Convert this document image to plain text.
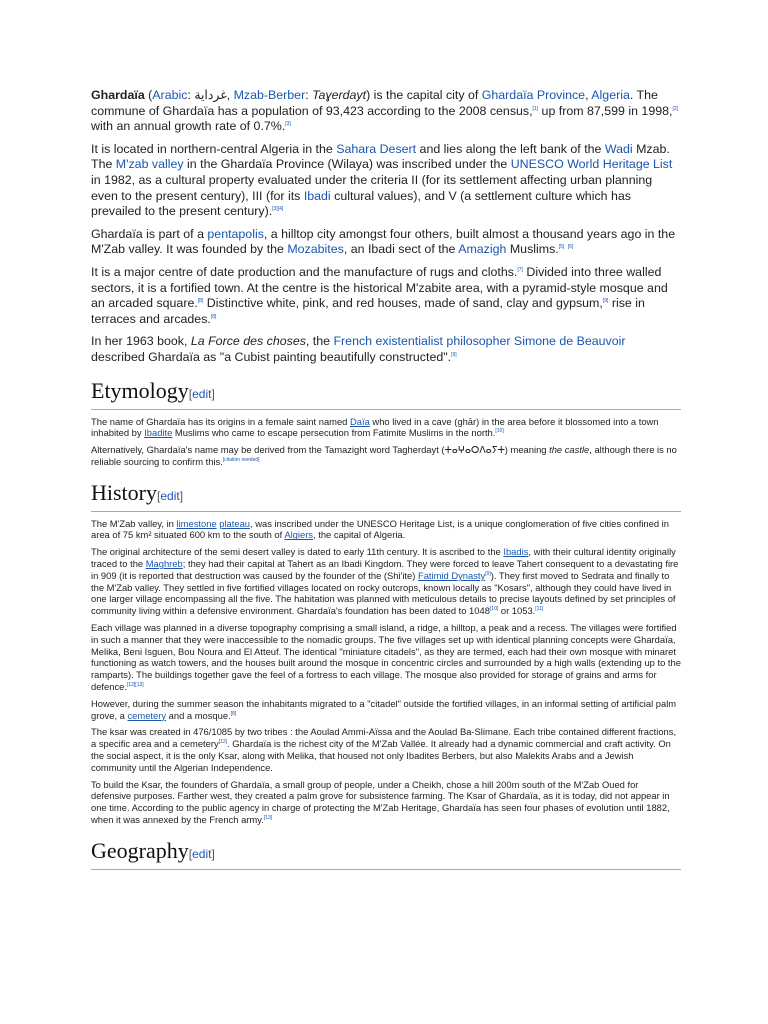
Ghardaïa (Arabic: غرداية, Mzab-Berber: Taɣerdayt) is the capital city of Ghardaïa Province, Algeria. The commune of Ghardaïa has a population of 93,423 according to the 2008 census,[1] up from 87,599 in 1998,[2] with an annual growth rate of 0.7%.[3]

It is located in northern-central Algeria in the Sahara Desert and lies along the left bank of the Wadi Mzab. The M'zab valley in the Ghardaïa Province (Wilaya) was inscribed under the UNESCO World Heritage List in 1982, as a cultural property evaluated under the criteria II (for its settlement affecting urban planning even to the present century), III (for its Ibadi cultural values), and V (a settlement culture which has prevailed to the present century).[3][4]

Ghardaïa is part of a pentapolis, a hilltop city amongst four others, built almost a thousand years ago in the M'Zab valley. It was founded by the Mozabites, an Ibadi sect of the Amazigh Muslims.[5] [6]

It is a major centre of date production and the manufacture of rugs and cloths.[7] Divided into three walled sectors, it is a fortified town. At the centre is the historical M'zabite area, with a pyramid-style mosque and an arcaded square.[8] Distinctive white, pink, and red houses, made of sand, clay and gypsum,[9] rise in terraces and arcades.[8]

In her 1963 book, La Force des choses, the French existentialist philosopher Simone de Beauvoir described Ghardaïa as "a Cubist painting beautifully constructed".[9]

Etymology[edit]

The name of Ghardaïa has its origins in a female saint named Daïa who lived in a cave (ghār) in the area before it blossomed into a town inhabited by Ibadite Muslims who came to escape persecution from Fatimite Muslims in the north.[10]

Alternatively, Ghardaïa's name may be derived from the Tamazight word Tagherdayt (ⵜⴰⵖⴰⵔⴷⴰⵢⵜ) meaning the castle, although there is no reliable sourcing to confirm this.[citation needed]

History[edit]

The M'Zab valley, in limestone plateau, was inscribed under the UNESCO Heritage List, is a unique conglomeration of five cities confined in area of 75 km² situated 600 km to the south of Algiers, the capital of Algeria.

The original architecture of the semi desert valley is dated to early 11th century. It is ascribed to the Ibadis, with their cultural identity originally traced to the Maghreb; they had their capital at Tahert as an Ibadi Kingdom. They were forced to leave Tahert consequent to a devastating fire in 909 (it is reported that destruction was caused by the founder of the (Shi'ite) Fatimid Dynasty[9]). They first moved to Sedrata and finally to the M'Zab valley. They settled in five fortified villages located on rocky outcrops, known locally as "Kosars", although they could have lived in one larger village encompassing all the five. The habitation was planned with meticulous details to precise layouts defined by set principles of community living within a defensive environment. Ghardaïa's foundation has been dated to 1048[10] or 1053.[11]

Each village was planned in a diverse topography comprising a small island, a ridge, a hilltop, a peak and a recess. The villages were fortified in such a manner that they were inaccessible to the nomadic groups. The five villages set up with identical planning concepts were Ghardaïa, Melika, Beni Isguen, Bou Noura and El Atteuf. The identical "miniature citadels", as they are termed, each had their own mosque with minaret functioning as watch towers, and the houses built around the mosque in concentric circles and surrounded by a high walls (extending up to the ramparts). The buildings together gave the feel of a fortress to each village. The mosque also provided for storage of grains and arms for defence.[12][13]

However, during the summer season the inhabitants migrated to a "citadel" outside the fortified villages, in an informal setting of artificial palm grove, a cemetery and a mosque.[8]

The ksar was created in 476/1085 by two tribes : the Aoulad Ammi-Aïssa and the Aoulad Ba-Slimane. Each tribe contained different fractions, a specific area and a cemetery[12]. Ghardaïa is the richest city of the M'Zab Vallée. It already had a dynamic commercial and craft activity. On the social aspect, it is the only Ksar, along with Melika, that housed not only Ibadites Berbers, but also Malekits Arabs and a Jewish community until the Algerian Independence.

To build the Ksar, the founders of Ghardaïa, a small group of people, under a Cheikh, chose a hill 200m south of the M'Zab Oued for defensive purposes. Farther west, they created a palm grove for subsistence farming. The Ksar of Ghardaïa, as it is today, did not appear in one time. According to the public agency in charge of protecting the M'Zab Heritage, Ghardaïa has seen four phases of evolution until 1882, when it was annexed by the French army.[13]

Geography[edit]
